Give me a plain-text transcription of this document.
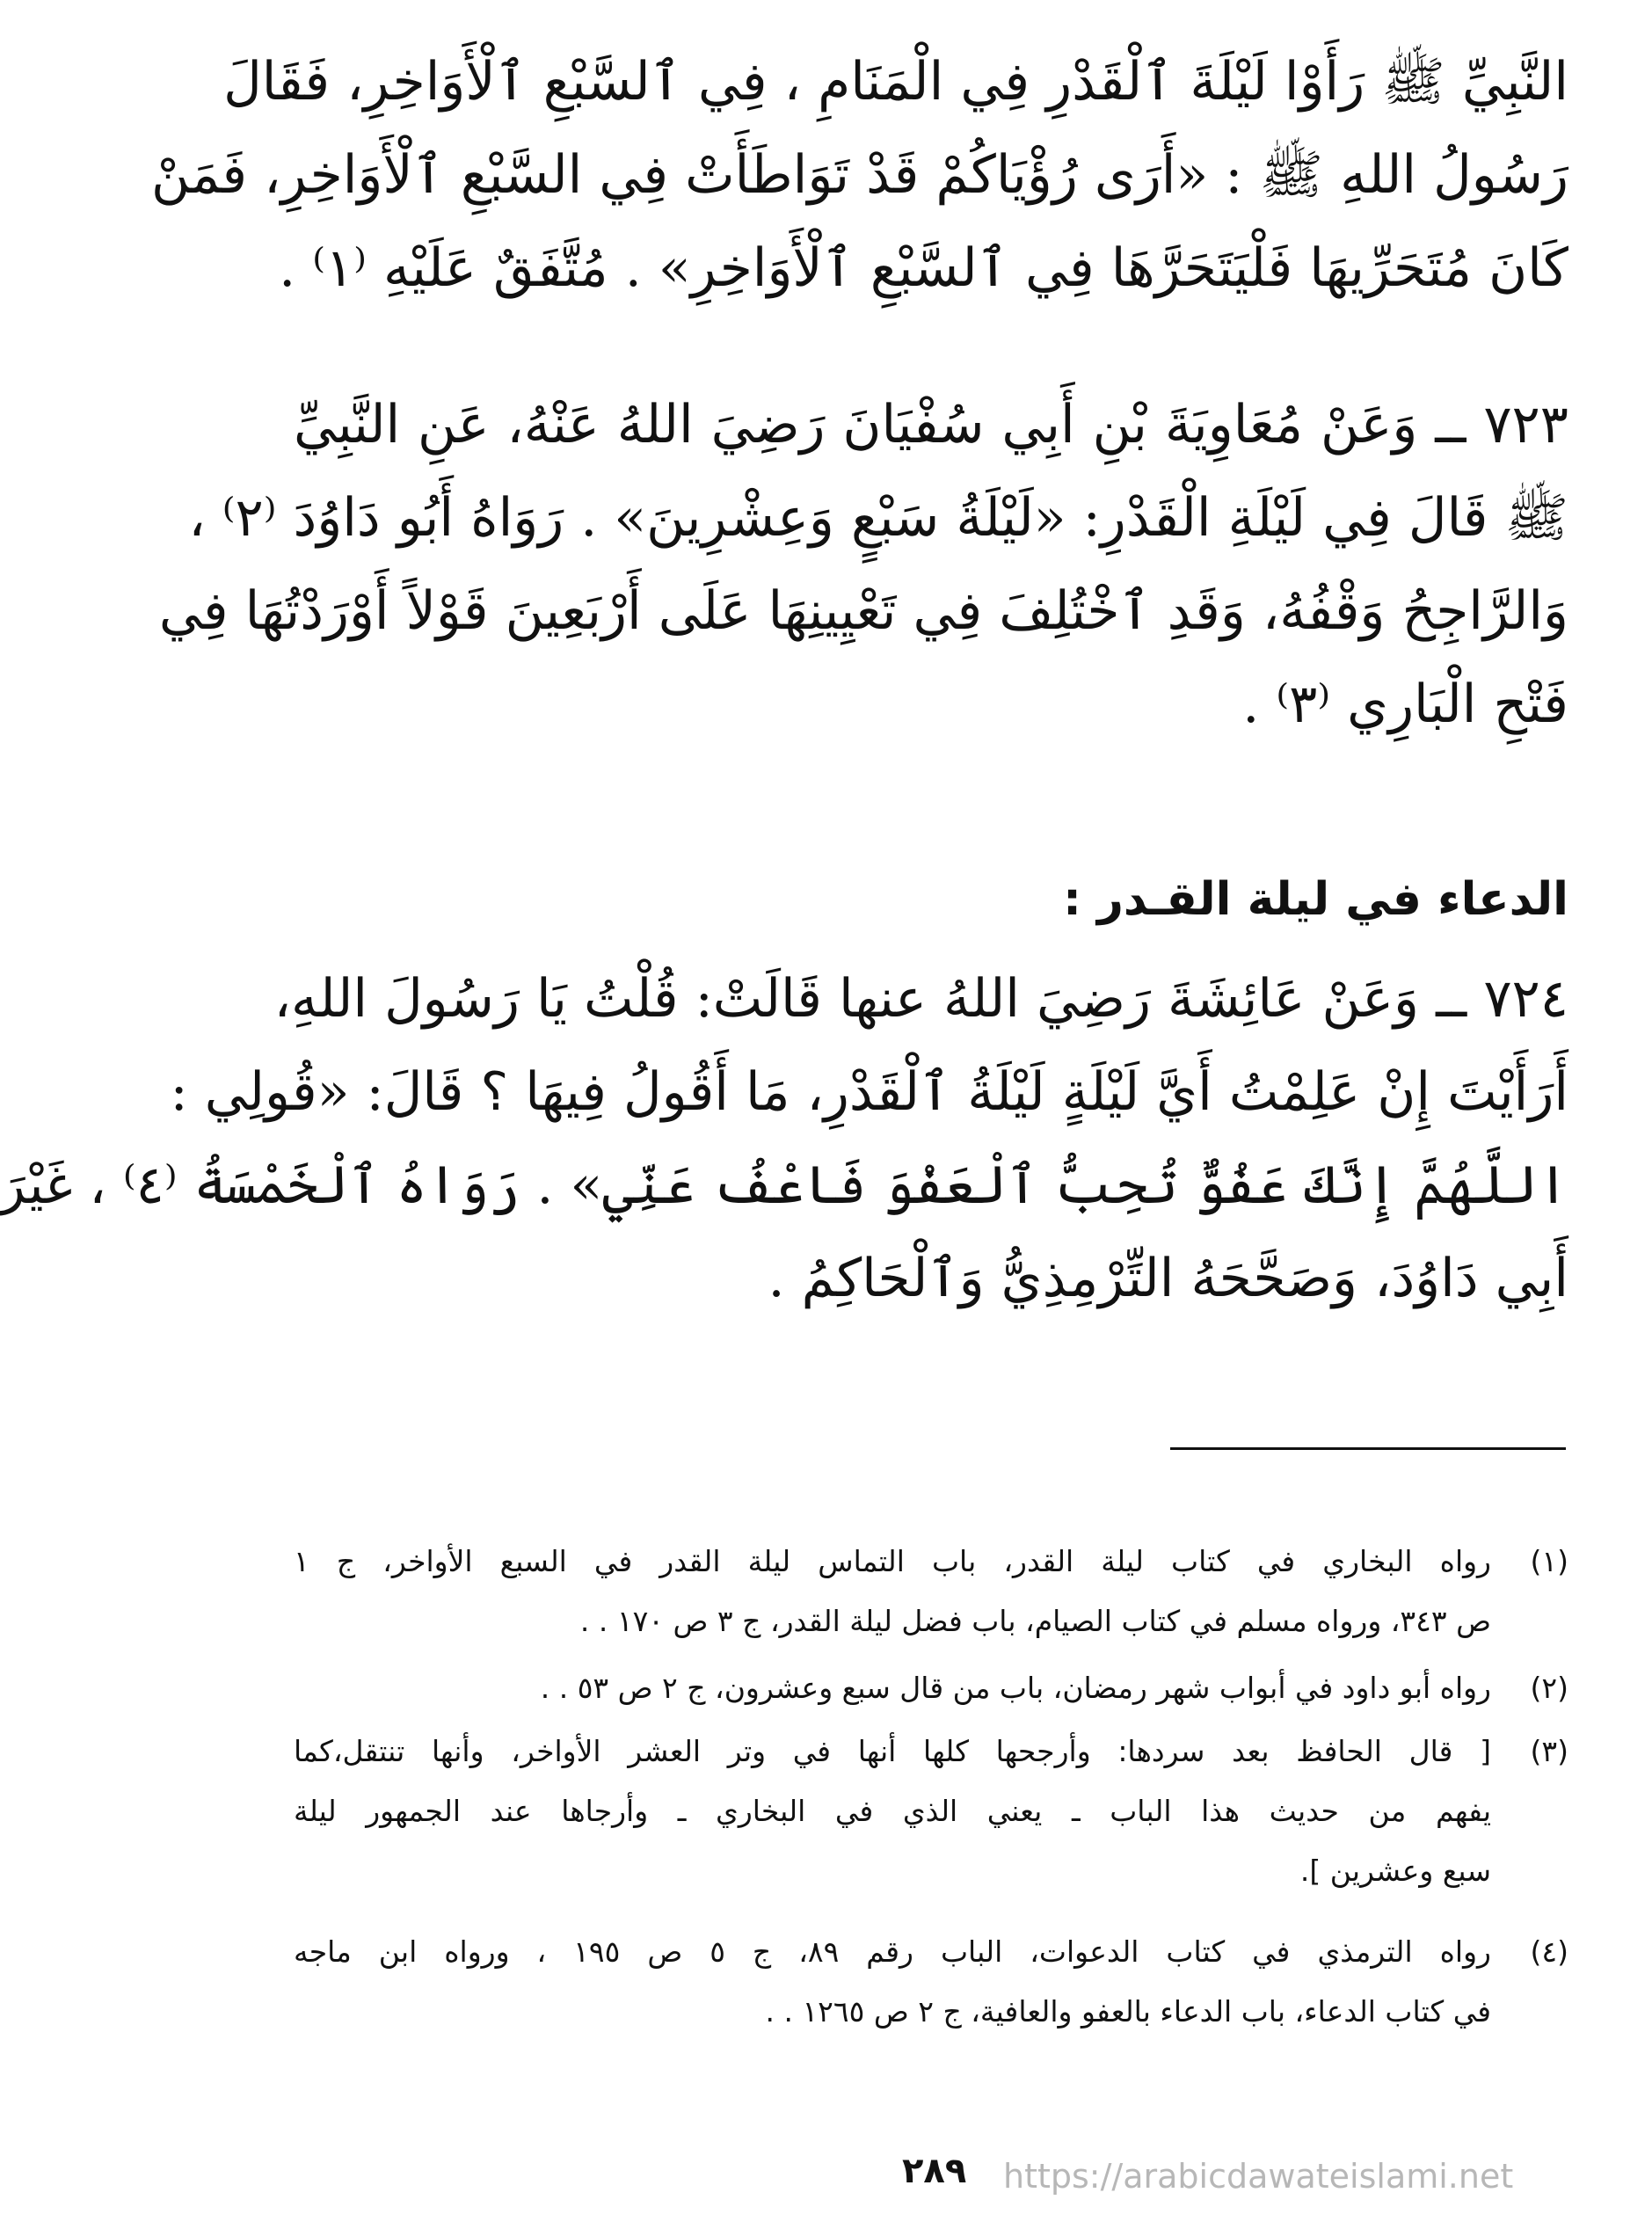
النَّبِيِّ ﷺ رَأَوْا لَيْلَةَ ٱلْقَدْرِ فِي الْمَنَامِ ، فِي ٱلسَّبْعِ ٱلْأَوَاخِرِ، فَقَالَ
رَسُولُ اللهِ ﷺ : «أَرَى رُؤْيَاكُمْ قَدْ تَوَاطَأَتْ فِي السَّبْعِ ٱلْأَوَاخِرِ، فَمَنْ
كَانَ مُتَحَرِّيهَا فَلْيَتَحَرَّهَا فِي ٱلسَّبْعِ ٱلْأَوَاخِرِ» . مُتَّفَقٌ عَلَيْهِ ⁽١⁾ .
٧٢٣ ــ وَعَنْ مُعَاوِيَةَ بْنِ أَبِي سُفْيَانَ رَضِيَ اللهُ عَنْهُ، عَنِ النَّبِيِّ
ﷺ قَالَ فِي لَيْلَةِ الْقَدْرِ: «لَيْلَةُ سَبْعٍ وَعِشْرِينَ» . رَوَاهُ أَبُو دَاوُدَ ⁽٢⁾ ،
وَالرَّاجِحُ وَقْفُهُ، وَقَدِ ٱخْتُلِفَ فِي تَعْيِينِهَا عَلَى أَرْبَعِينَ قَوْلاً أَوْرَدْتُهَا فِي
فَتْحِ الْبَارِي ⁽٣⁾ .
الدعاء في ليلة القـدر :
٧٢٤ ــ وَعَنْ عَائِشَةَ رَضِيَ اللهُ عنها قَالَتْ: قُلْتُ يَا رَسُولَ اللهِ،
أَرَأَيْتَ إِنْ عَلِمْتُ أَيَّ لَيْلَةٍ لَيْلَةُ ٱلْقَدْرِ، مَا أَقُولُ فِيهَا ؟ قَالَ: «قُولِي :
اللَّهُمَّ إِنَّكَ عَفُوٌّ تُحِبُّ ٱلْعَفْوَ فَاعْفُ عَنِّي» . رَوَاهُ ٱلْخَمْسَةُ ⁽٤⁾ ، غَيْرَ
أَبِي دَاوُدَ، وَصَحَّحَهُ التِّرْمِذِيُّ وَٱلْحَاكِمُ .
(١)
رواه البخاري في كتاب ليلة القدر، باب التماس ليلة القدر في السبع الأواخر، ج ١
ص ٣٤٣، ورواه مسلم في كتاب الصيام، باب فضل ليلة القدر، ج ٣ ص ١٧٠ . .
(٢)
رواه أبو داود في أبواب شهر رمضان، باب من قال سبع وعشرون، ج ٢ ص ٥٣ . .
(٣)
[ قال الحافظ بعد سردها: وأرجحها كلها أنها في وتر العشر الأواخر، وأنها تنتقل،كما
يفهم من حديث هذا الباب ـ يعني الذي في البخاري ـ وأرجاها عند الجمهور ليلة
سبع وعشرين ].
(٤)
رواه الترمذي في كتاب الدعوات، الباب رقم ٨٩، ج ٥ ص ١٩٥ ، ورواه ابن ماجه
في كتاب الدعاء، باب الدعاء بالعفو والعافية، ج ٢ ص ١٢٦٥ . .
٢٨٩ https://arabicdawateislami.net
